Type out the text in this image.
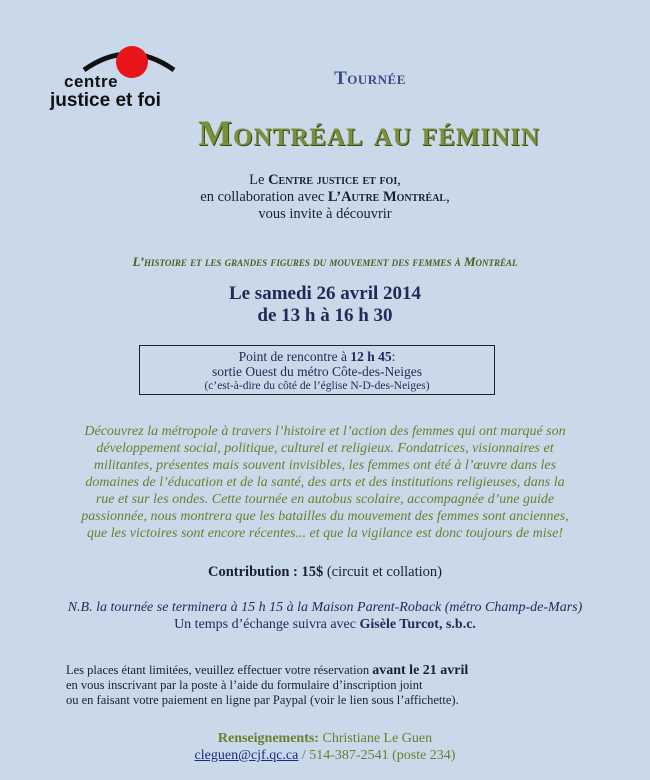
centre
justice et foi
Tournée
Montréal au féminin
Le Centre justice et foi,
en collaboration avec L’Autre Montréal,
vous invite à découvrir
L’histoire et les grandes figures du mouvement des femmes à Montréal
Le samedi 26 avril 2014
de 13 h à 16 h 30
Point de rencontre à 12 h 45:
sortie Ouest du métro Côte-des-Neiges
(c’est-à-dire du côté de l’église N-D-des-Neiges)
Découvrez la métropole à travers l’histoire et l’action des femmes qui ont marqué son
développement social, politique, culturel et religieux. Fondatrices, visionnaires et
militantes, présentes mais souvent invisibles, les femmes ont été à l’œuvre dans les
domaines de l’éducation et de la santé, des arts et des institutions religieuses, dans la
rue et sur les ondes. Cette tournée en autobus scolaire, accompagnée d’une guide
passionnée, nous montrera que les batailles du mouvement des femmes sont anciennes,
que les victoires sont encore récentes... et que la vigilance est donc toujours de mise!
Contribution : 15$ (circuit et collation)
N.B. la tournée se terminera à 15 h 15 à la Maison Parent-Roback (métro Champ-de-Mars)
Un temps d’échange suivra avec Gisèle Turcot, s.b.c.
Les places étant limitées, veuillez effectuer votre réservation avant le 21 avril
en vous inscrivant par la poste à l’aide du formulaire d’inscription joint
ou en faisant votre paiement en ligne par Paypal (voir le lien sous l’affichette).
Renseignements: Christiane Le Guen
cleguen@cjf.qc.ca / 514-387-2541 (poste 234)
